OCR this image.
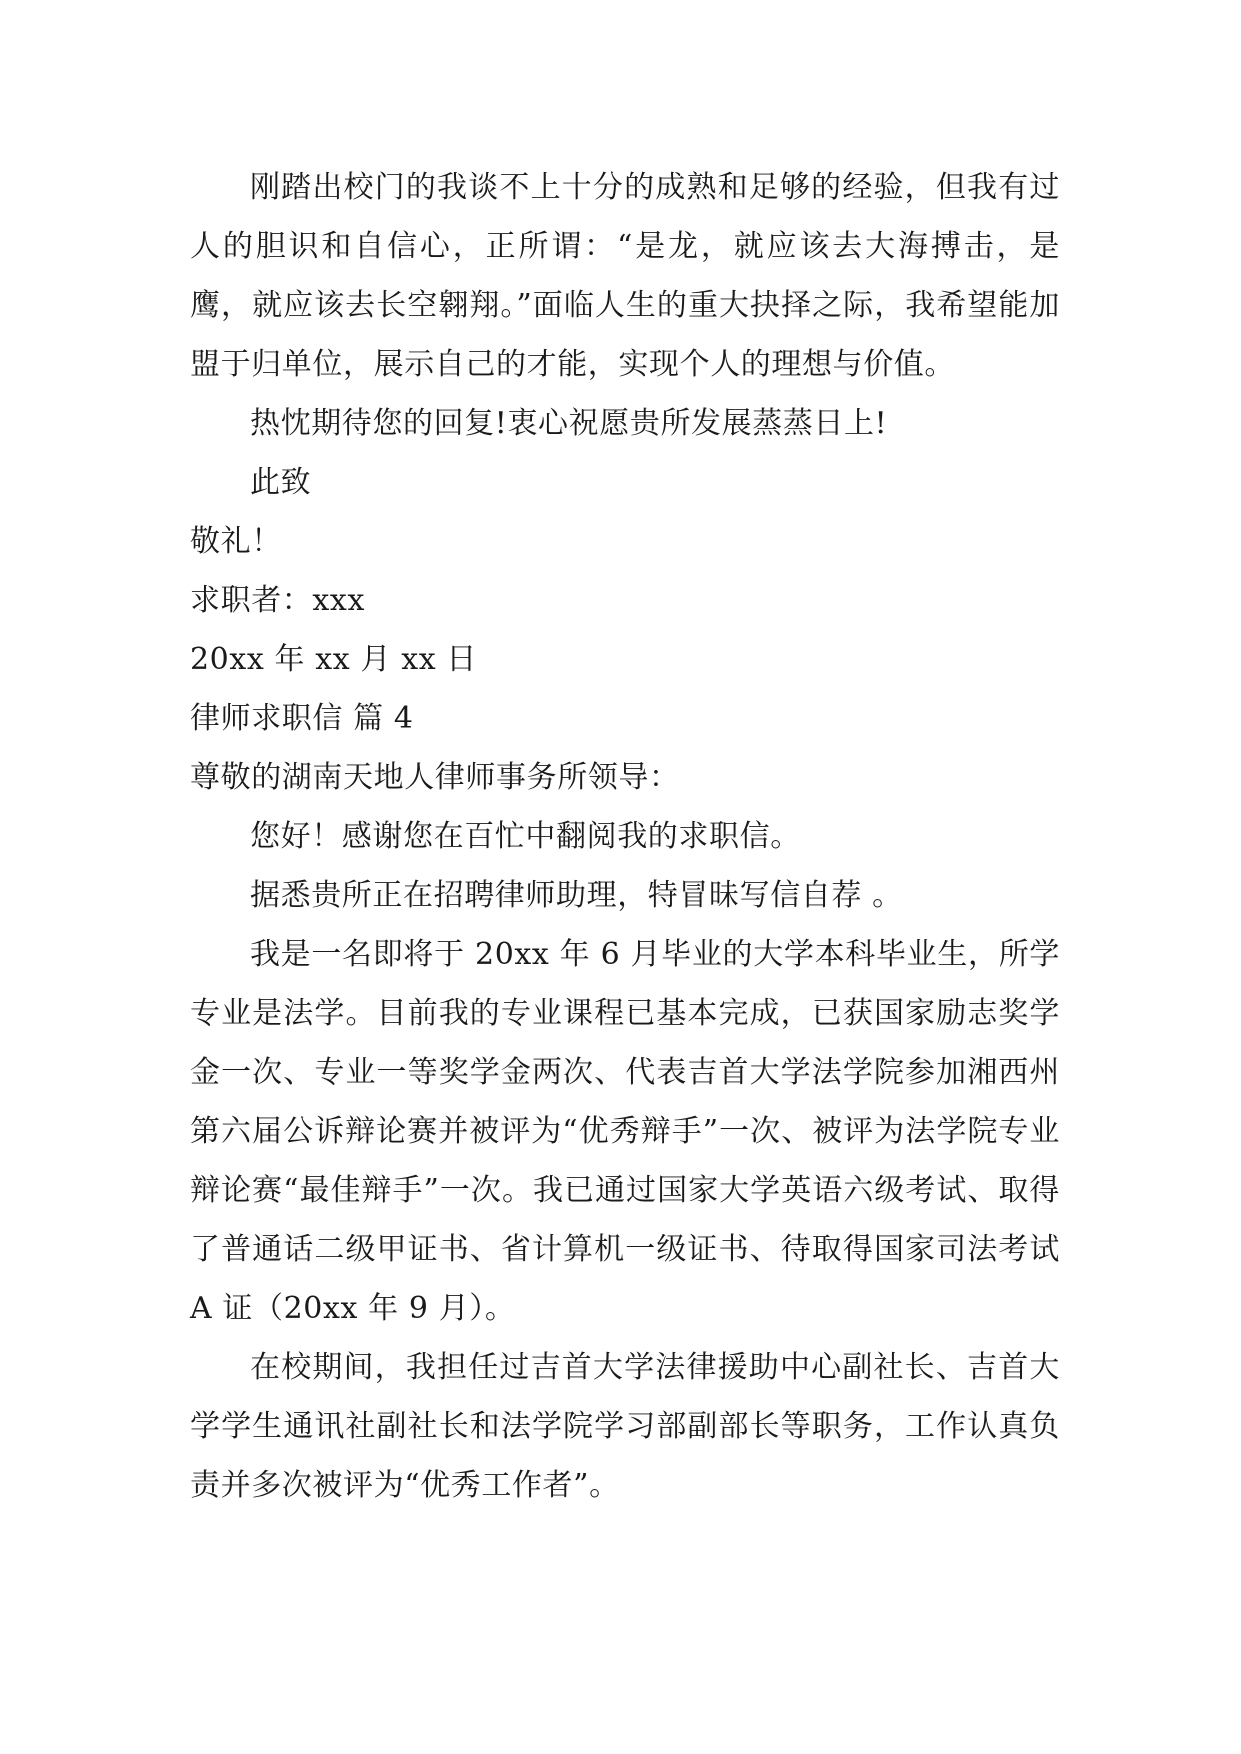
刚踏出校门的我谈不上十分的成熟和足够的经验，但我有过人的胆识和自信心，正所谓：“是龙，就应该去大海搏击，是鹰，就应该去长空翱翔。”面临人生的重大抉择之际，我希望能加盟于归单位，展示自己的才能，实现个人的理想与价值。

热忱期待您的回复!衷心祝愿贵所发展蒸蒸日上!

此致

敬礼！

求职者：xxx

20xx 年 xx 月 xx 日

律师求职信 篇 4

尊敬的湖南天地人律师事务所领导：

您好！感谢您在百忙中翻阅我的求职信。

据悉贵所正在招聘律师助理，特冒昧写信自荐 。

我是一名即将于 20xx 年 6 月毕业的大学本科毕业生，所学专业是法学。目前我的专业课程已基本完成，已获国家励志奖学金一次、专业一等奖学金两次、代表吉首大学法学院参加湘西州第六届公诉辩论赛并被评为“优秀辩手”一次、被评为法学院专业辩论赛“最佳辩手”一次。我已通过国家大学英语六级考试、取得了普通话二级甲证书、省计算机一级证书、待取得国家司法考试 A 证（20xx 年 9 月）。

在校期间，我担任过吉首大学法律援助中心副社长、吉首大学学生通讯社副社长和法学院学习部副部长等职务，工作认真负责并多次被评为“优秀工作者”。
